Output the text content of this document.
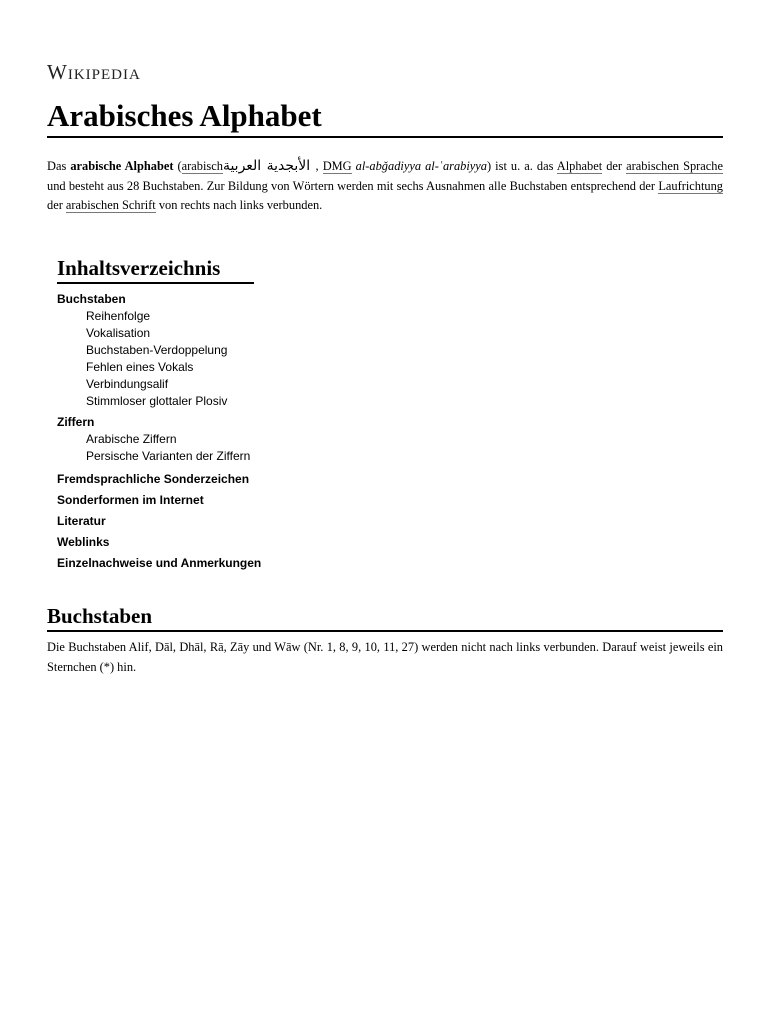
Wikipedia
Arabisches Alphabet

Das arabische Alphabet (arabisch الأبجدية العربية, DMG al-abǧadiyya al-ʿarabiyya) ist u. a. das Alphabet der arabischen Sprache und besteht aus 28 Buchstaben. Zur Bildung von Wörtern werden mit sechs Ausnahmen alle Buchstaben entsprechend der Laufrichtung der arabischen Schrift von rechts nach links verbunden.

Inhaltsverzeichnis
Buchstaben
Reihenfolge
Vokalisation
Buchstaben-Verdoppelung
Fehlen eines Vokals
Verbindungsalif
Stimmloser glottaler Plosiv
Ziffern
Arabische Ziffern
Persische Varianten der Ziffern
Fremdsprachliche Sonderzeichen
Sonderformen im Internet
Literatur
Weblinks
Einzelnachweise und Anmerkungen
Buchstaben

Die Buchstaben Alif, Dāl, Dhāl, Rā, Zāy und Wāw (Nr. 1, 8, 9, 10, 11, 27) werden nicht nach links verbunden. Darauf weist jeweils ein Sternchen (*) hin.
